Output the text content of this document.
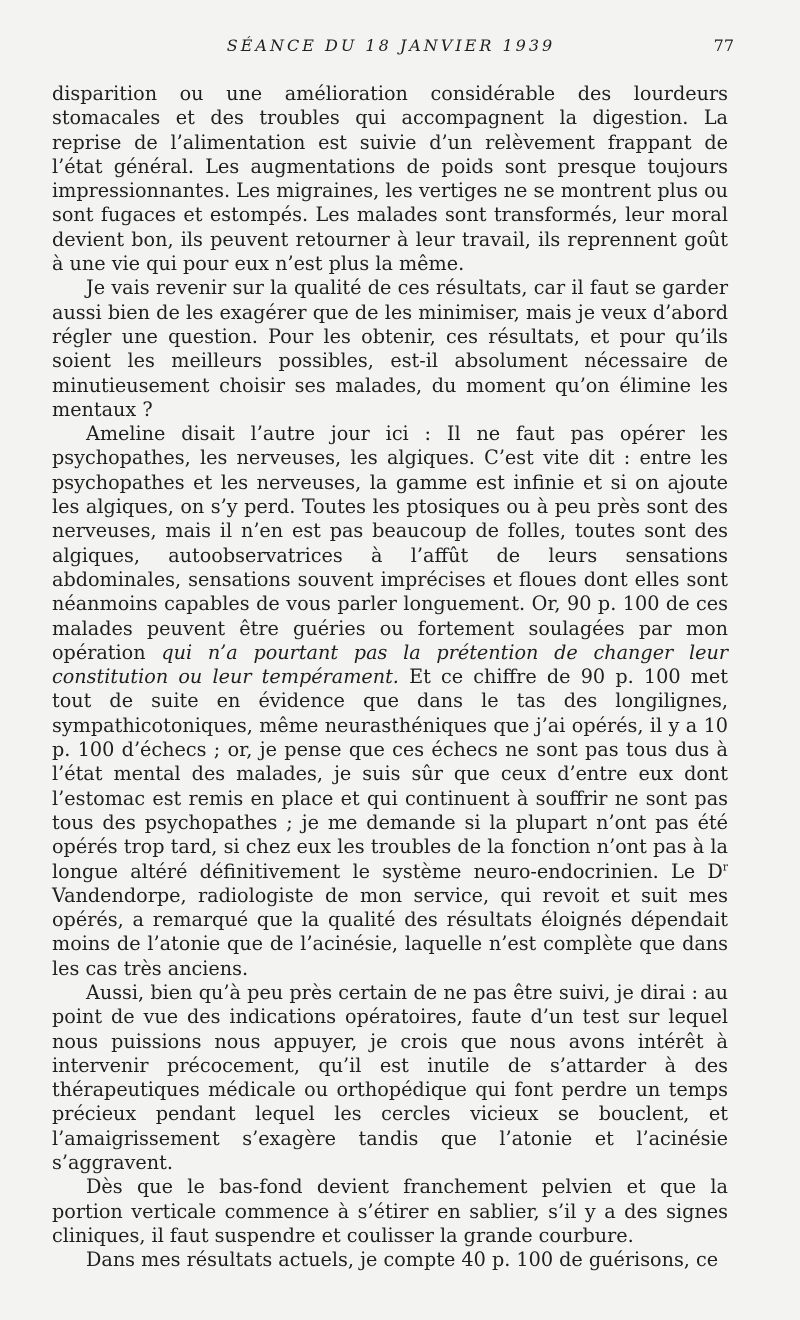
SÉANCE DU 18 JANVIER 1939	77

disparition ou une amélioration considérable des lourdeurs stomacales et des troubles qui accompagnent la digestion. La reprise de l’alimentation est suivie d’un relèvement frappant de l’état général. Les augmentations de poids sont presque toujours impressionnantes. Les migraines, les vertiges ne se montrent plus ou sont fugaces et estompés. Les malades sont transformés, leur moral devient bon, ils peuvent retourner à leur travail, ils reprennent goût à une vie qui pour eux n’est plus la même.

Je vais revenir sur la qualité de ces résultats, car il faut se garder aussi bien de les exagérer que de les minimiser, mais je veux d’abord régler une question. Pour les obtenir, ces résultats, et pour qu’ils soient les meilleurs possibles, est-il absolument nécessaire de minutieusement choisir ses malades, du moment qu’on élimine les mentaux ?

Ameline disait l’autre jour ici : Il ne faut pas opérer les psychopathes, les nerveuses, les algiques. C’est vite dit : entre les psychopathes et les nerveuses, la gamme est infinie et si on ajoute les algiques, on s’y perd. Toutes les ptosiques ou à peu près sont des nerveuses, mais il n’en est pas beaucoup de folles, toutes sont des algiques, autoobservatrices à l’affût de leurs sensations abdominales, sensations souvent imprécises et floues dont elles sont néanmoins capables de vous parler longuement. Or, 90 p. 100 de ces malades peuvent être guéries ou fortement soulagées par mon opération qui n’a pourtant pas la prétention de changer leur constitution ou leur tempérament. Et ce chiffre de 90 p. 100 met tout de suite en évidence que dans le tas des longilignes, sympathicotoniques, même neurasthéniques que j’ai opérés, il y a 10 p. 100 d’échecs ; or, je pense que ces échecs ne sont pas tous dus à l’état mental des malades, je suis sûr que ceux d’entre eux dont l’estomac est remis en place et qui continuent à souffrir ne sont pas tous des psychopathes ; je me demande si la plupart n’ont pas été opérés trop tard, si chez eux les troubles de la fonction n’ont pas à la longue altéré définitivement le système neuro-endocrinien. Le $D^r$ Vandendorpe, radiologiste de mon service, qui revoit et suit mes opérés, a remarqué que la qualité des résultats éloignés dépendait moins de l’atonie que de l’acinésie, laquelle n’est complète que dans les cas très anciens.

Aussi, bien qu’à peu près certain de ne pas être suivi, je dirai : au point de vue des indications opératoires, faute d’un test sur lequel nous puissions nous appuyer, je crois que nous avons intérêt à intervenir précocement, qu’il est inutile de s’attarder à des thérapeutiques médicale ou orthopédique qui font perdre un temps précieux pendant lequel les cercles vicieux se bouclent, et l’amaigrissement s’exagère tandis que l’atonie et l’acinésie s’aggravent.

Dès que le bas-fond devient franchement pelvien et que la portion verticale commence à s’étirer en sablier, s’il y a des signes cliniques, il faut suspendre et coulisser la grande courbure.

Dans mes résultats actuels, je compte 40 p. 100 de guérisons, ce
